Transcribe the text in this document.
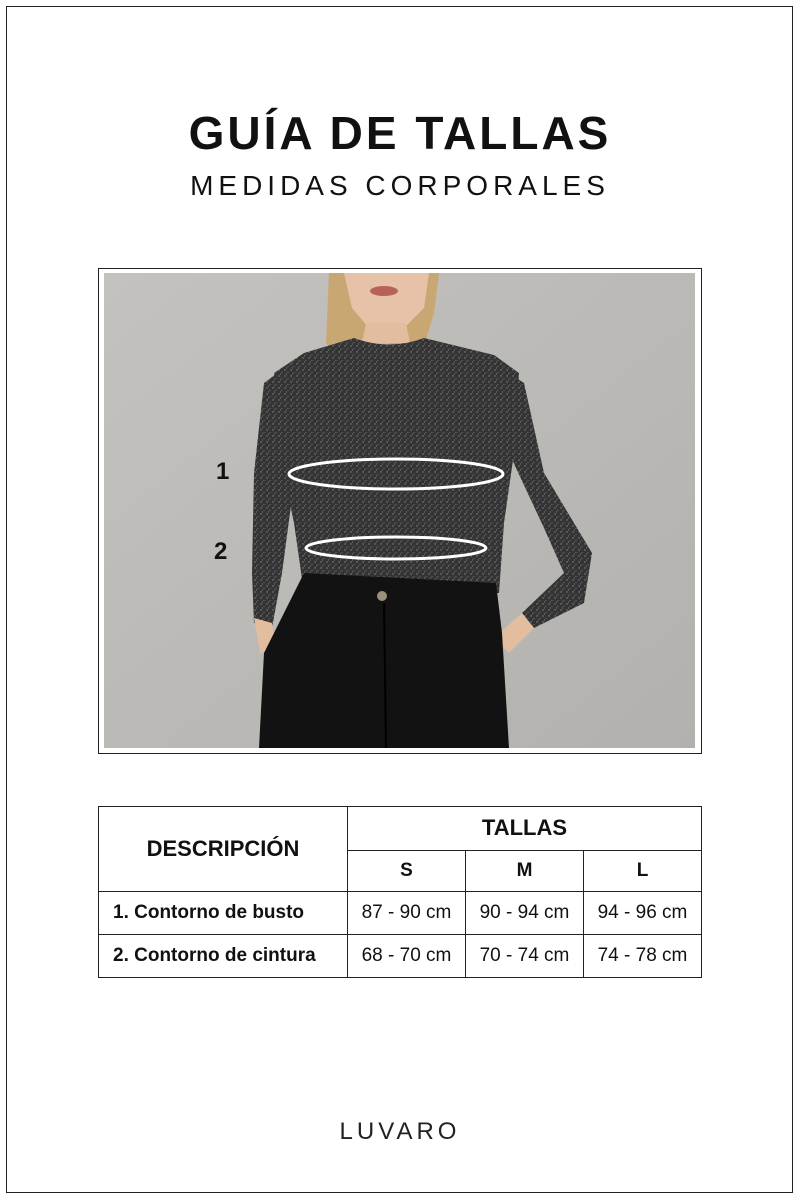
GUÍA DE TALLAS
MEDIDAS CORPORALES
1
2
DESCRIPCIÓN	TALLAS		
	S	M	L
1. Contorno de busto	87 - 90 cm	90 - 94 cm	94 - 96 cm
2. Contorno de cintura	68 - 70 cm	70 - 74 cm	74 - 78 cm
LUVARO
